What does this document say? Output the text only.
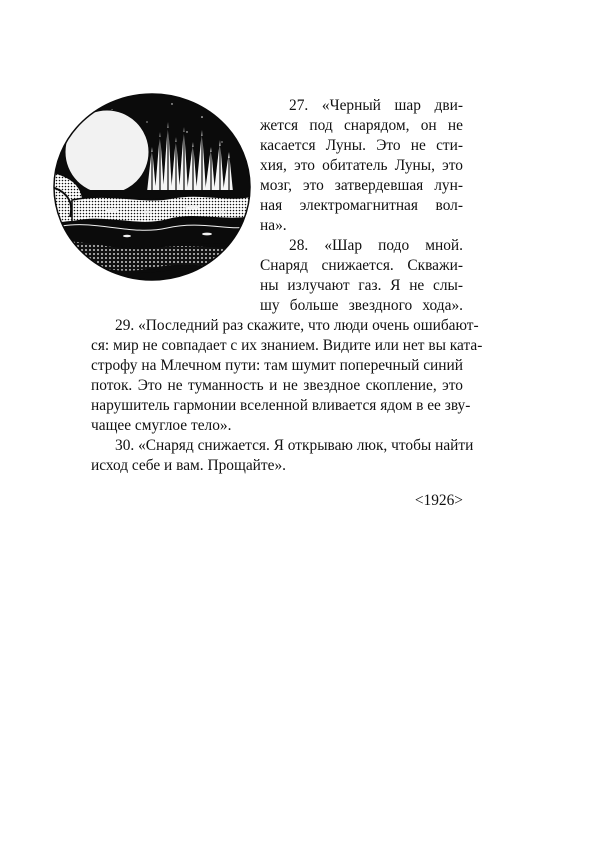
27. «Черный шар дви-
жется под снарядом, он не
касается Луны. Это не сти-
хия, это обитатель Луны, это
мозг, это затвердевшая лун-
ная электромагнитная вол-
на».
28. «Шар подо мной.
Снаряд снижается. Скважи-
ны излучают газ. Я не слы-
шу больше звездного хода».
29. «Последний раз скажите, что люди очень ошибают-
ся: мир не совпадает с их знанием. Видите или нет вы ката-
строфу на Млечном пути: там шумит поперечный синий
поток. Это не туманность и не звездное скопление, это
нарушитель гармонии вселенной вливается ядом в ее зву-
чащее смуглое тело».
30. «Снаряд снижается. Я открываю люк, чтобы найти
исход себе и вам. Прощайте».
<1926>
